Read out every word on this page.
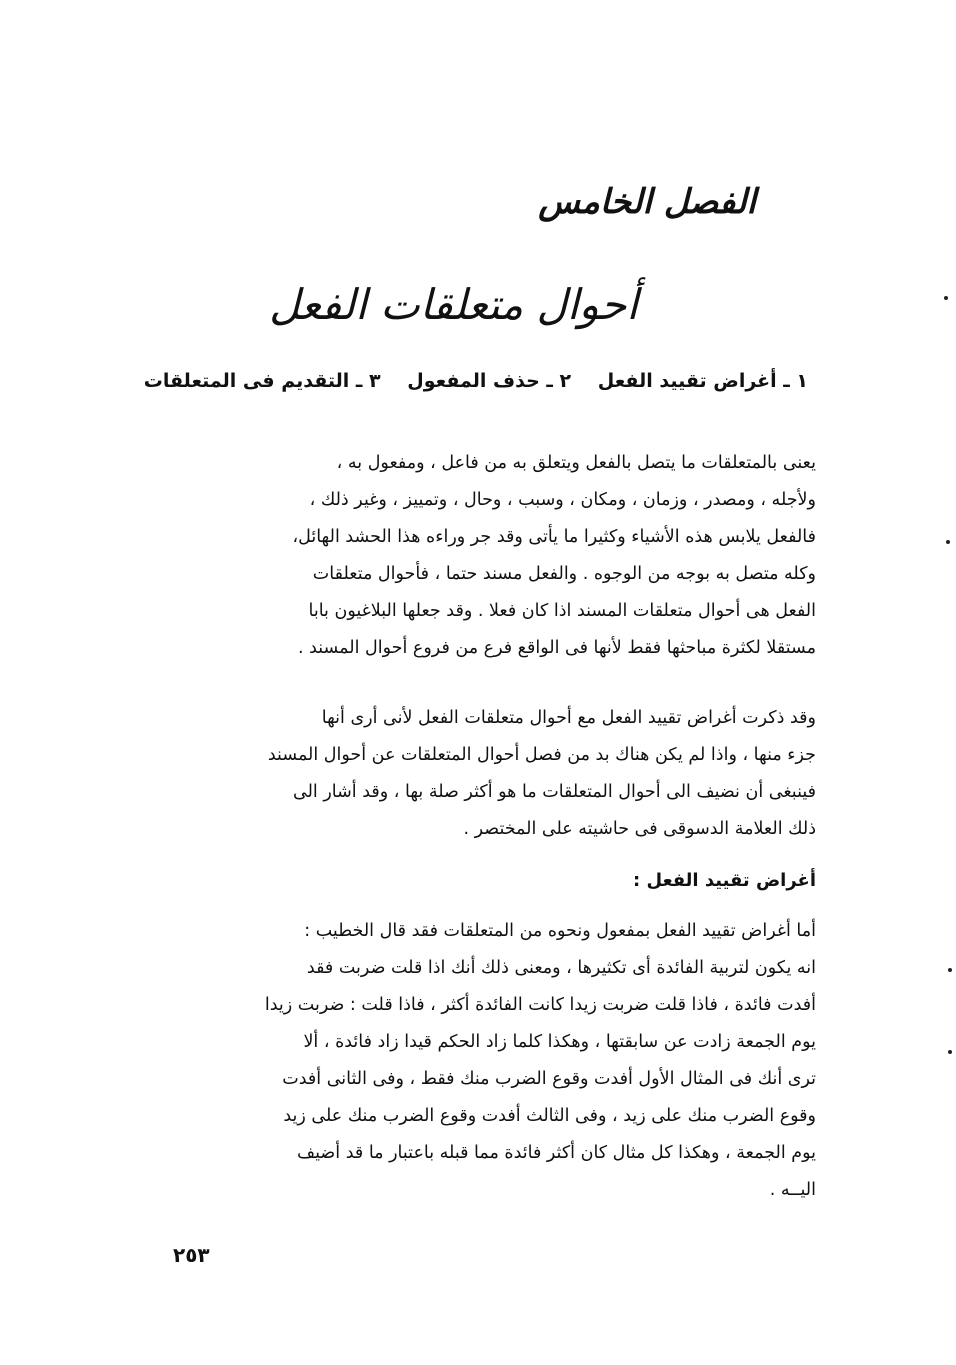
الفصل الخامس
أحوال متعلقات الفعل
١ ـ أغراض تقييد الفعل ٢ ـ حذف المفعول ٣ ـ التقديم فى المتعلقات
يعنى بالمتعلقات ما يتصل بالفعل ويتعلق به من فاعل ، ومفعول به ،
ولأجله ، ومصدر ، وزمان ، ومكان ، وسبب ، وحال ، وتمييز ، وغير ذلك ،
فالفعل يلابس هذه الأشياء وكثيرا ما يأتى وقد جر وراءه هذا الحشد الهائل،
وكله متصل به بوجه من الوجوه . والفعل مسند حتما ، فأحوال متعلقات
الفعل هى أحوال متعلقات المسند اذا كان فعلا . وقد جعلها البلاغيون بابا
مستقلا لكثرة مباحثها فقط لأنها فى الواقع فرع من فروع أحوال المسند .
وقد ذكرت أغراض تقييد الفعل مع أحوال متعلقات الفعل لأنى أرى أنها
جزء منها ، واذا لم يكن هناك بد من فصل أحوال المتعلقات عن أحوال المسند
فينبغى أن نضيف الى أحوال المتعلقات ما هو أكثر صلة بها ، وقد أشار الى
ذلك العلامة الدسوقى فى حاشيته على المختصر .
أغراض تقييد الفعل :
أما أغراض تقييد الفعل بمفعول ونحوه من المتعلقات فقد قال الخطيب :
انه يكون لتربية الفائدة أى تكثيرها ، ومعنى ذلك أنك اذا قلت ضربت فقد
أفدت فائدة ، فاذا قلت ضربت زيدا كانت الفائدة أكثر ، فاذا قلت : ضربت زيدا
يوم الجمعة زادت عن سابقتها ، وهكذا كلما زاد الحكم قيدا زاد فائدة ، ألا
ترى أنك فى المثال الأول أفدت وقوع الضرب منك فقط ، وفى الثانى أفدت
وقوع الضرب منك على زيد ، وفى الثالث أفدت وقوع الضرب منك على زيد
يوم الجمعة ، وهكذا كل مثال كان أكثر فائدة مما قبله باعتبار ما قد أضيف
اليــه .
٢٥٣
